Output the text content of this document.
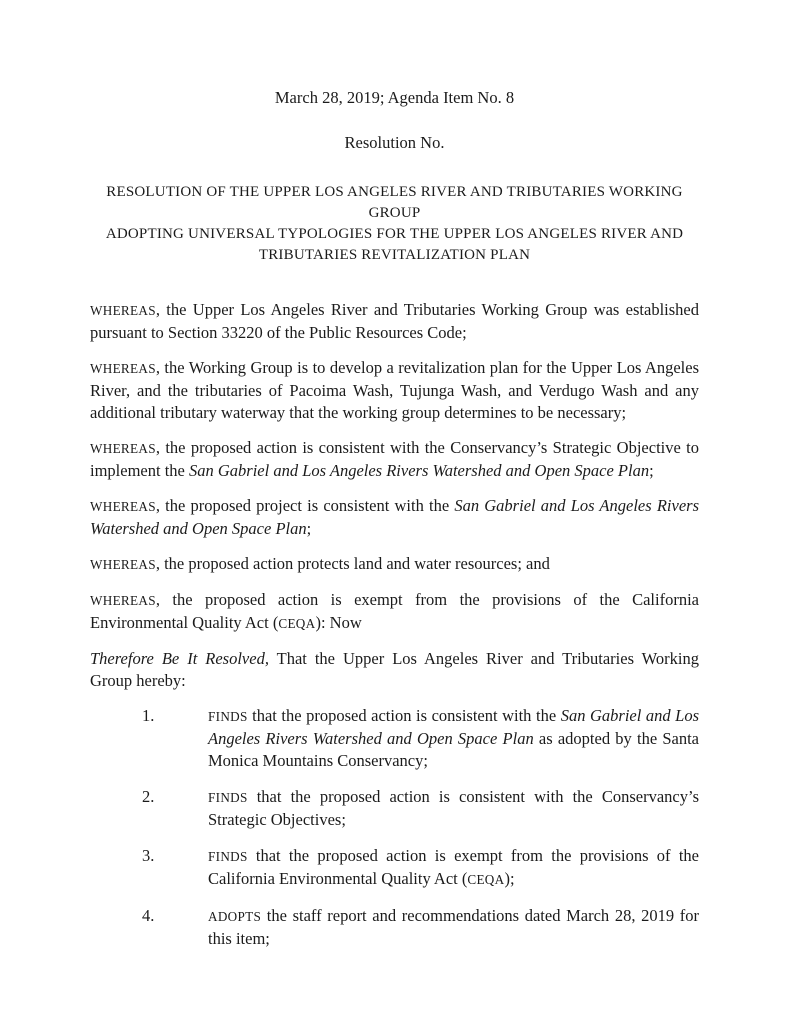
March 28, 2019; Agenda Item No. 8
Resolution No.
RESOLUTION OF THE UPPER LOS ANGELES RIVER AND TRIBUTARIES WORKING GROUP
ADOPTING UNIVERSAL TYPOLOGIES FOR THE UPPER LOS ANGELES RIVER AND
TRIBUTARIES REVITALIZATION PLAN
WHEREAS, the Upper Los Angeles River and Tributaries Working Group was established pursuant to Section 33220 of the Public Resources Code;
WHEREAS, the Working Group is to develop a revitalization plan for the Upper Los Angeles River, and the tributaries of Pacoima Wash, Tujunga Wash, and Verdugo Wash and any additional tributary waterway that the working group determines to be necessary;
WHEREAS, the proposed action is consistent with the Conservancy’s Strategic Objective to implement the San Gabriel and Los Angeles Rivers Watershed and Open Space Plan;
WHEREAS, the proposed project is consistent with the San Gabriel and Los Angeles Rivers Watershed and Open Space Plan;
WHEREAS, the proposed action protects land and water resources; and
WHEREAS, the proposed action is exempt from the provisions of the California Environmental Quality Act (CEQA): Now
Therefore Be It Resolved, That the Upper Los Angeles River and Tributaries Working Group hereby:
1.	FINDS that the proposed action is consistent with the San Gabriel and Los Angeles Rivers Watershed and Open Space Plan as adopted by the Santa Monica Mountains Conservancy;
2.	FINDS that the proposed action is consistent with the Conservancy’s Strategic Objectives;
3.	FINDS that the proposed action is exempt from the provisions of the California Environmental Quality Act (CEQA);
4.	ADOPTS the staff report and recommendations dated March 28, 2019 for this item;
